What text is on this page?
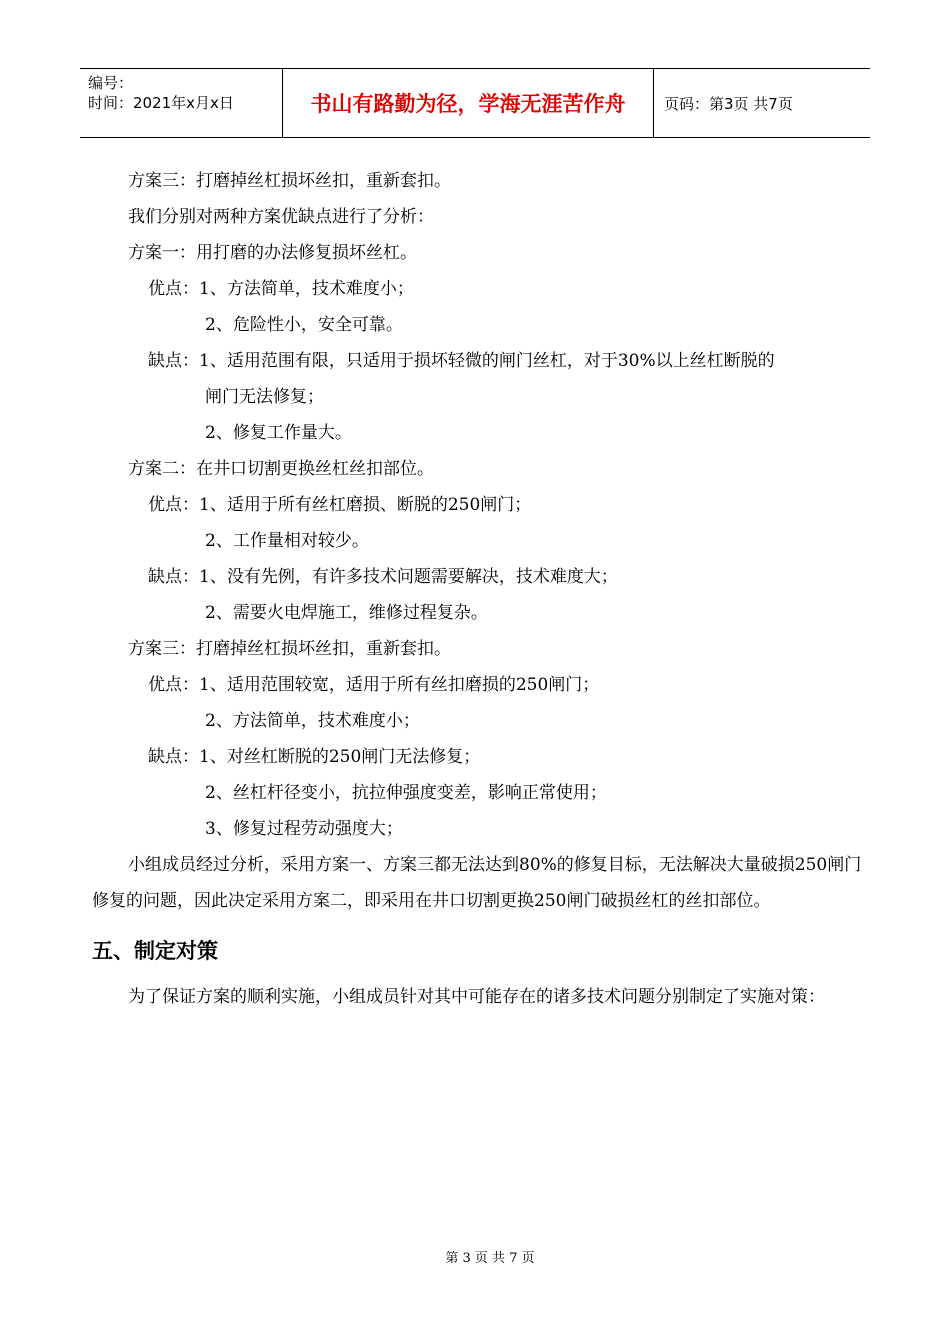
编号：
时间：2021年x月x日	书山有路勤为径，学海无涯苦作舟	页码：第3页 共7页
方案三：打磨掉丝杠损坏丝扣，重新套扣。
我们分别对两种方案优缺点进行了分析：
方案一：用打磨的办法修复损坏丝杠。
优点：1、方法简单，技术难度小；
2、危险性小，安全可靠。
缺点：1、适用范围有限，只适用于损坏轻微的闸门丝杠，对于30%以上丝杠断脱的
闸门无法修复；
2、修复工作量大。
方案二：在井口切割更换丝杠丝扣部位。
优点：1、适用于所有丝杠磨损、断脱的250闸门；
2、工作量相对较少。
缺点：1、没有先例，有许多技术问题需要解决，技术难度大；
2、需要火电焊施工，维修过程复杂。
方案三：打磨掉丝杠损坏丝扣，重新套扣。
优点：1、适用范围较宽，适用于所有丝扣磨损的250闸门；
2、方法简单，技术难度小；
缺点：1、对丝杠断脱的250闸门无法修复；
2、丝杠杆径变小，抗拉伸强度变差，影响正常使用；
3、修复过程劳动强度大；
小组成员经过分析，采用方案一、方案三都无法达到80%的修复目标，无法解决大量破损250闸门修复的问题，因此决定采用方案二，即采用在井口切割更换250闸门破损丝杠的丝扣部位。
五、制定对策
为了保证方案的顺利实施，小组成员针对其中可能存在的诸多技术问题分别制定了实施对策：
第 3 页 共 7 页
